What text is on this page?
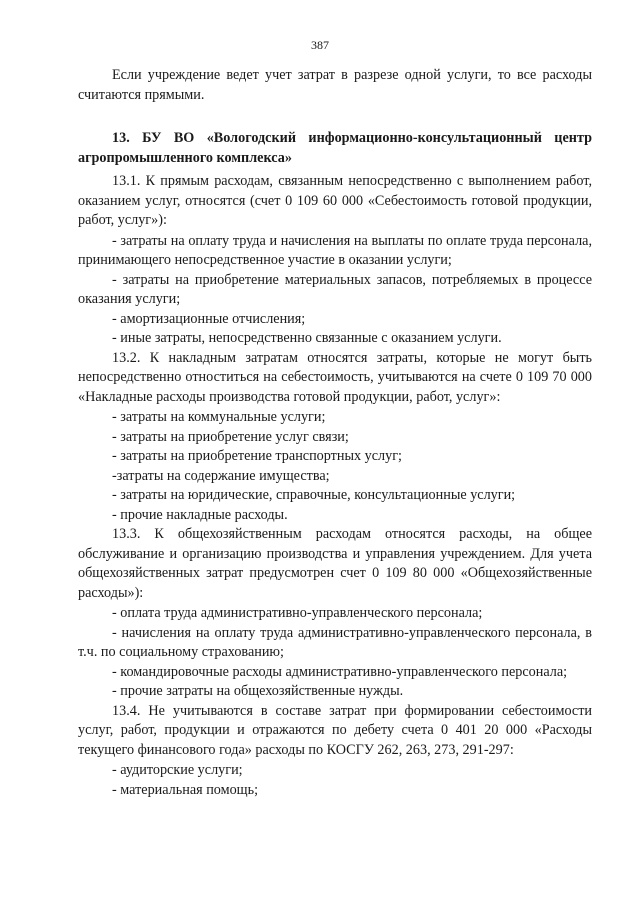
387

Если учреждение ведет учет затрат в разрезе одной услуги, то все расходы считаются прямыми.

13. БУ ВО «Вологодский информационно-консультационный центр агропромышленного комплекса»

13.1. К прямым расходам, связанным непосредственно с выполнением работ, оказанием услуг, относятся (счет 0 109 60 000 «Себестоимость готовой продукции, работ, услуг»):

- затраты на оплату труда и начисления на выплаты по оплате труда персонала, принимающего непосредственное участие в оказании услуги;

- затраты на приобретение материальных запасов, потребляемых в процессе оказания услуги;

- амортизационные отчисления;

- иные затраты, непосредственно связанные с оказанием услуги.

13.2. К накладным затратам относятся затраты, которые не могут быть непосредственно отноститься на себестоимость, учитываются на счете 0 109 70 000 «Накладные расходы производства готовой продукции, работ, услуг»:

- затраты на коммунальные услуги;

- затраты на приобретение услуг связи;

- затраты на приобретение транспортных услуг;

-затраты на содержание имущества;

- затраты на юридические, справочные, консультационные услуги;

- прочие накладные расходы.

13.3. К общехозяйственным расходам относятся расходы, на общее обслуживание и организацию производства и управления учреждением. Для учета общехозяйственных затрат предусмотрен счет 0 109 80 000 «Общехозяйственные расходы»):

- оплата труда административно-управленческого персонала;

- начисления на оплату труда административно-управленческого персонала, в т.ч. по социальному страхованию;

- командировочные расходы административно-управленческого персонала;

- прочие затраты на общехозяйственные нужды.

13.4. Не учитываются в составе затрат при формировании себестоимости услуг, работ, продукции и отражаются по дебету счета 0 401 20 000 «Расходы текущего финансового года» расходы по КОСГУ 262, 263, 273, 291-297:

- аудиторские услуги;

- материальная помощь;
